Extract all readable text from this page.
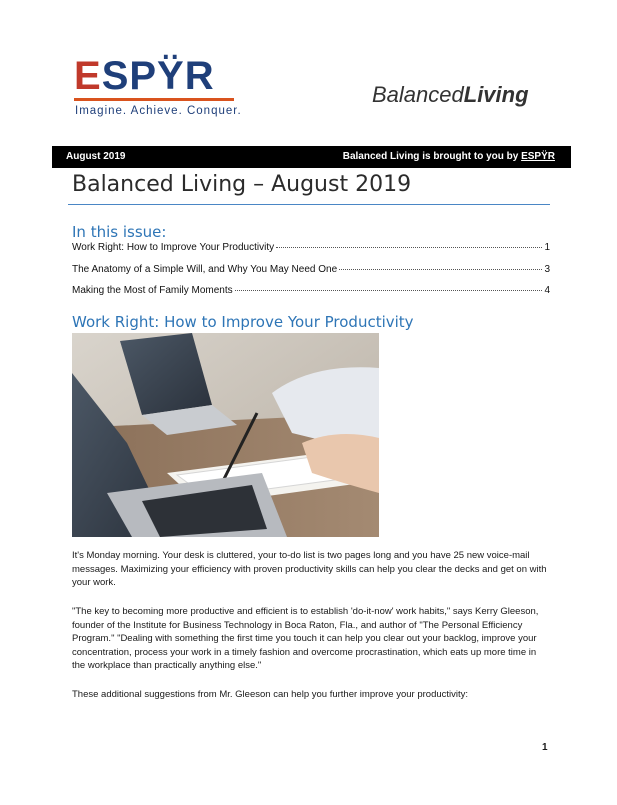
ESPŸR
Imagine. Achieve. Conquer.
BalancedLiving
August 2019	Balanced Living is brought to you by ESPŸR
Balanced Living – August 2019
In this issue:
Work Right: How to Improve Your Productivity	1
The Anatomy of a Simple Will, and Why You May Need One	3
Making the Most of Family Moments	4
Work Right: How to Improve Your Productivity
It's Monday morning. Your desk is cluttered, your to-do list is two pages long and you have 25 new voice-mail messages. Maximizing your efficiency with proven productivity skills can help you clear the decks and get on with your work.
"The key to becoming more productive and efficient is to establish 'do-it-now' work habits," says Kerry Gleeson, founder of the Institute for Business Technology in Boca Raton, Fla., and author of "The Personal Efficiency Program." "Dealing with something the first time you touch it can help you clear out your backlog, improve your concentration, process your work in a timely fashion and overcome procrastination, which eats up more time in the workplace than practically anything else."
These additional suggestions from Mr. Gleeson can help you further improve your productivity:
1
